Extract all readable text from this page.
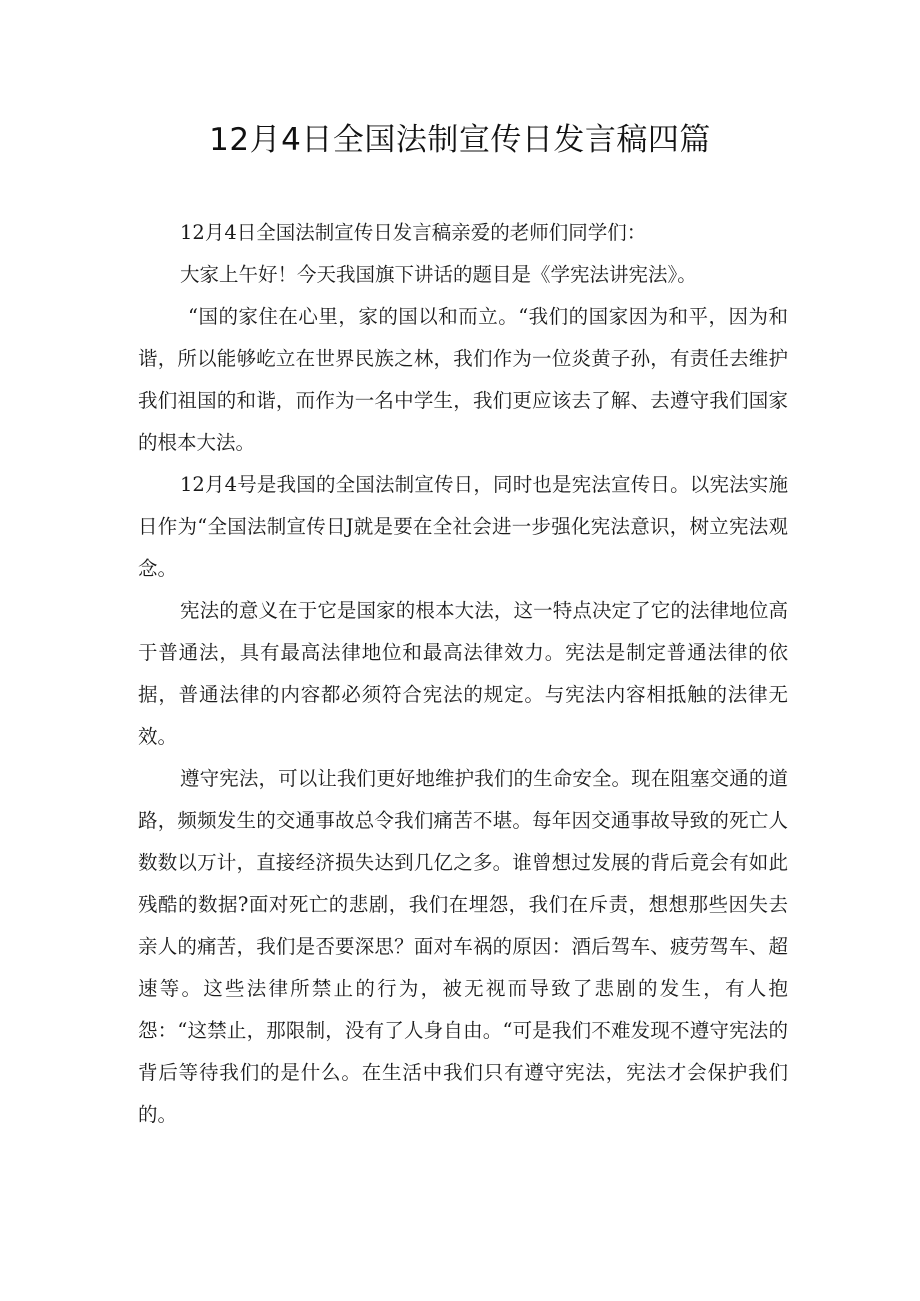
12月4日全国法制宣传日发言稿四篇

12月4日全国法制宣传日发言稿亲爱的老师们同学们：

大家上午好！今天我国旗下讲话的题目是《学宪法讲宪法》。

“国的家住在心里，家的国以和而立。“我们的国家因为和平，因为和谐，所以能够屹立在世界民族之林，我们作为一位炎黄子孙，有责任去维护我们祖国的和谐，而作为一名中学生，我们更应该去了解、去遵守我们国家的根本大法。

12月4号是我国的全国法制宣传日，同时也是宪法宣传日。以宪法实施日作为“全国法制宣传日J就是要在全社会进一步强化宪法意识，树立宪法观念。

宪法的意义在于它是国家的根本大法，这一特点决定了它的法律地位高于普通法，具有最高法律地位和最高法律效力。宪法是制定普通法律的依据，普通法律的内容都必须符合宪法的规定。与宪法内容相抵触的法律无效。

遵守宪法，可以让我们更好地维护我们的生命安全。现在阻塞交通的道路，频频发生的交通事故总令我们痛苦不堪。每年因交通事故导致的死亡人数数以万计，直接经济损失达到几亿之多。谁曾想过发展的背后竟会有如此残酷的数据?面对死亡的悲剧，我们在埋怨，我们在斥责，想想那些因失去亲人的痛苦，我们是否要深思？面对车祸的原因：酒后驾车、疲劳驾车、超速等。这些法律所禁止的行为，被无视而导致了悲剧的发生，有人抱怨：“这禁止，那限制，没有了人身自由。“可是我们不难发现不遵守宪法的背后等待我们的是什么。在生活中我们只有遵守宪法，宪法才会保护我们的。
